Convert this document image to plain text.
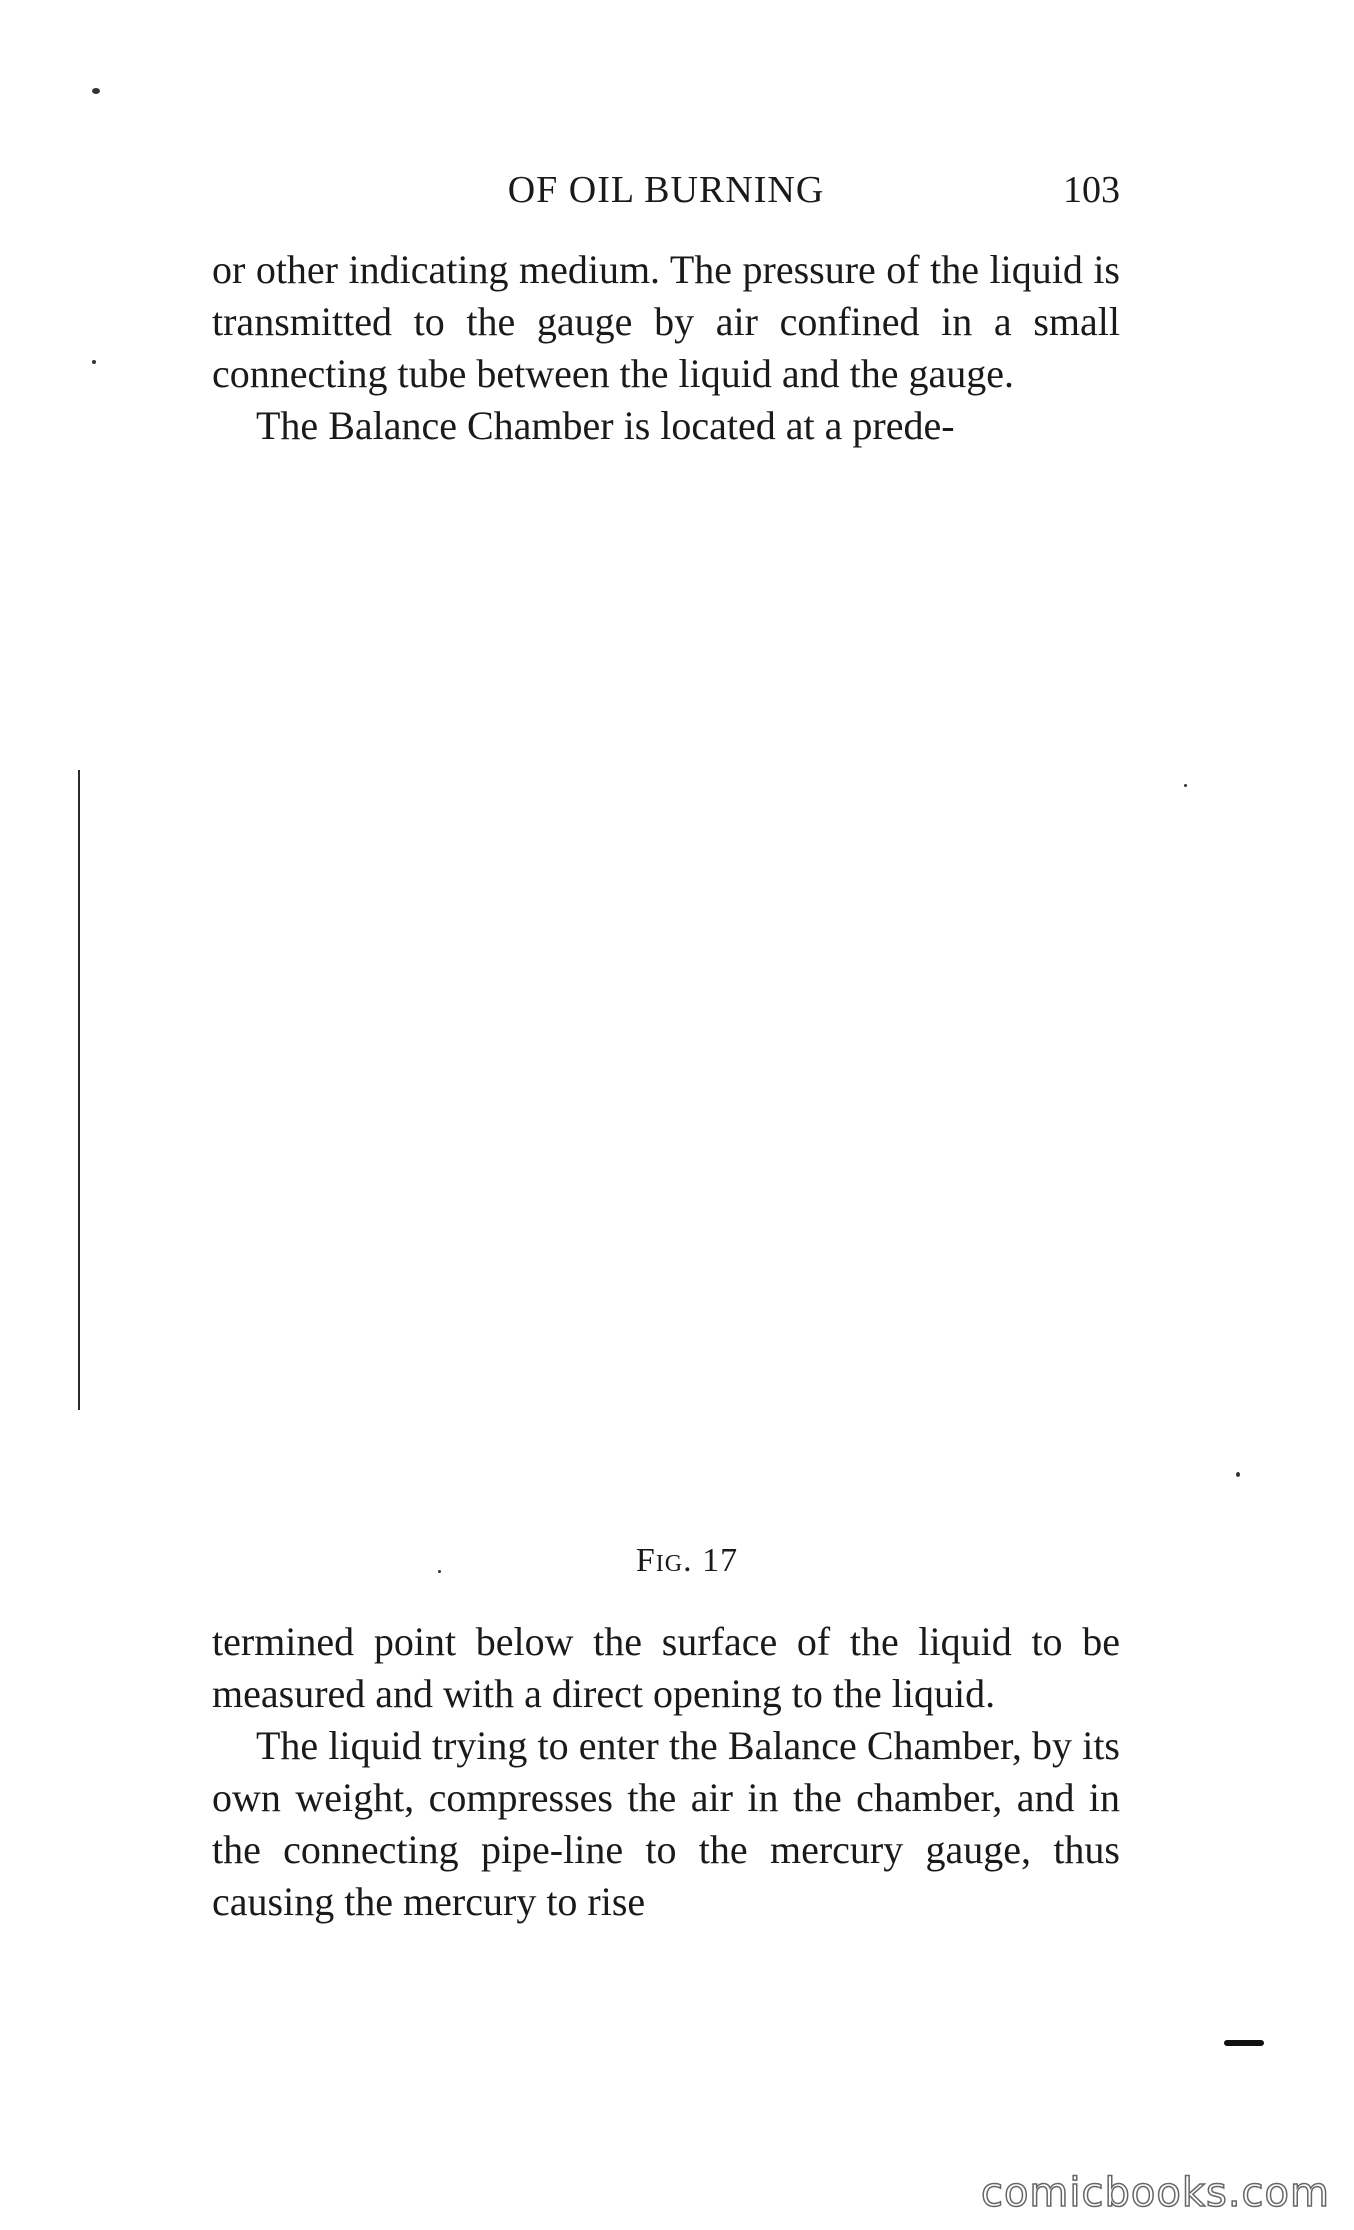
OF OIL BURNING	103

or other indicating medium. The pressure of the liquid is transmitted to the gauge by air confined in a small connecting tube between the liquid and the gauge.

The Balance Chamber is located at a prede-

Fig. 17

termined point below the surface of the liquid to be measured and with a direct opening to the liquid.

The liquid trying to enter the Balance Chamber, by its own weight, compresses the air in the chamber, and in the connecting pipe-line to the mercury gauge, thus causing the mercury to rise

comicbooks.com
